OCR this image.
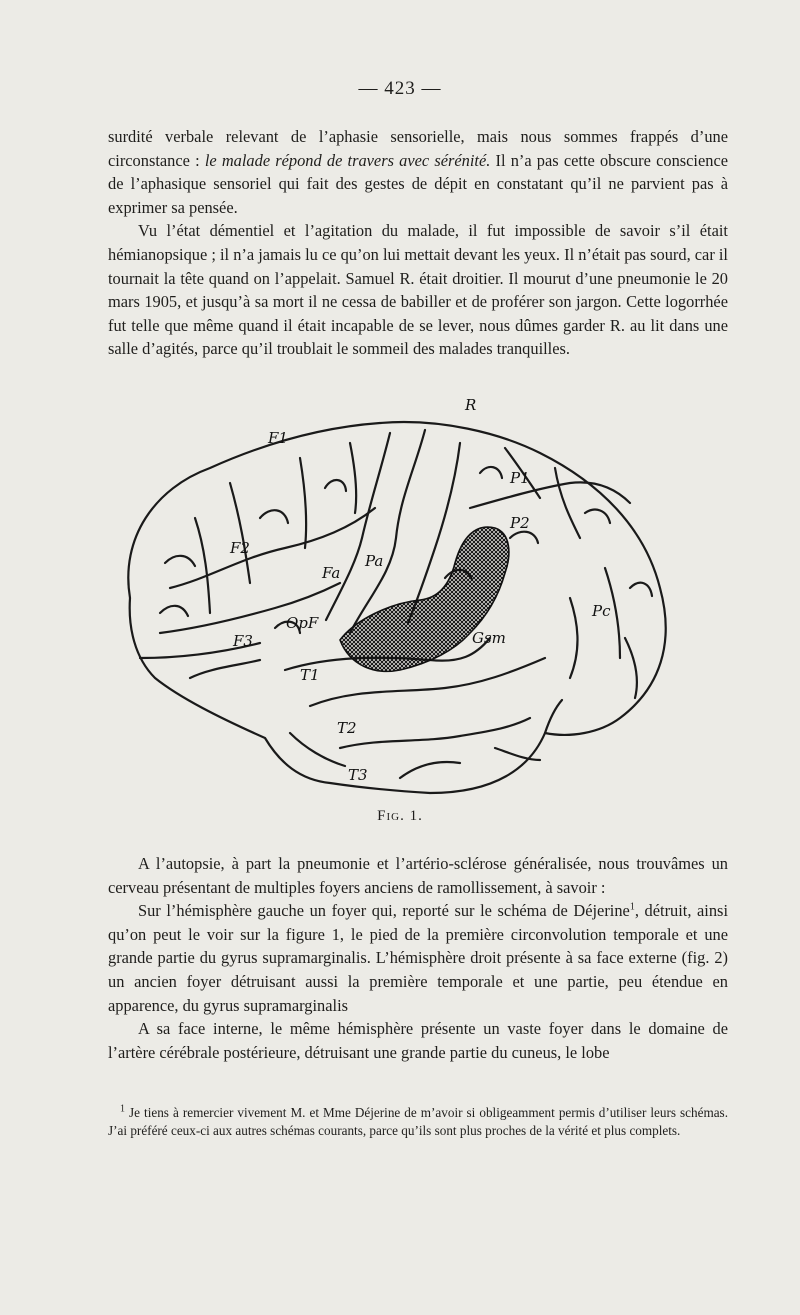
— 423 —

surdité verbale relevant de l’aphasie sensorielle, mais nous sommes frappés d’une circonstance : le malade répond de travers avec sérénité. Il n’a pas cette obscure conscience de l’aphasique sensoriel qui fait des gestes de dépit en constatant qu’il ne parvient pas à exprimer sa pensée.

Vu l’état démentiel et l’agitation du malade, il fut impossible de savoir s’il était hémianopsique ; il n’a jamais lu ce qu’on lui mettait devant les yeux. Il n’était pas sourd, car il tournait la tête quand on l’appelait. Samuel R. était droitier. Il mourut d’une pneumonie le 20 mars 1905, et jusqu’à sa mort il ne cessa de babiller et de proférer son jargon. Cette logorrhée fut telle que même quand il était incapable de se lever, nous dûmes garder R. au lit dans une salle d’agités, parce qu’il troublait le sommeil des malades tranquilles.

F1
R
P1
P2
F2
Pa
Fa
F3
OpF
Pc
Gsm
T1
T2
T3
Fig. 1.

A l’autopsie, à part la pneumonie et l’artério-sclérose généralisée, nous trouvâmes un cerveau présentant de multiples foyers anciens de ramollissement, à savoir :

Sur l’hémisphère gauche un foyer qui, reporté sur le schéma de Déjerine$^1$, détruit, ainsi qu’on peut le voir sur la figure 1, le pied de la première circonvolution temporale et une grande partie du gyrus supramarginalis. L’hémisphère droit présente à sa face externe (fig. 2) un ancien foyer détruisant aussi la première temporale et une partie, peu étendue en apparence, du gyrus supramarginalis

A sa face interne, le même hémisphère présente un vaste foyer dans le domaine de l’artère cérébrale postérieure, détruisant une grande partie du cuneus, le lobe

$^1$ Je tiens à remercier vivement M. et Mme Déjerine de m’avoir si obligeamment permis d’utiliser leurs schémas. J’ai préféré ceux-ci aux autres schémas courants, parce qu’ils sont plus proches de la vérité et plus complets.
